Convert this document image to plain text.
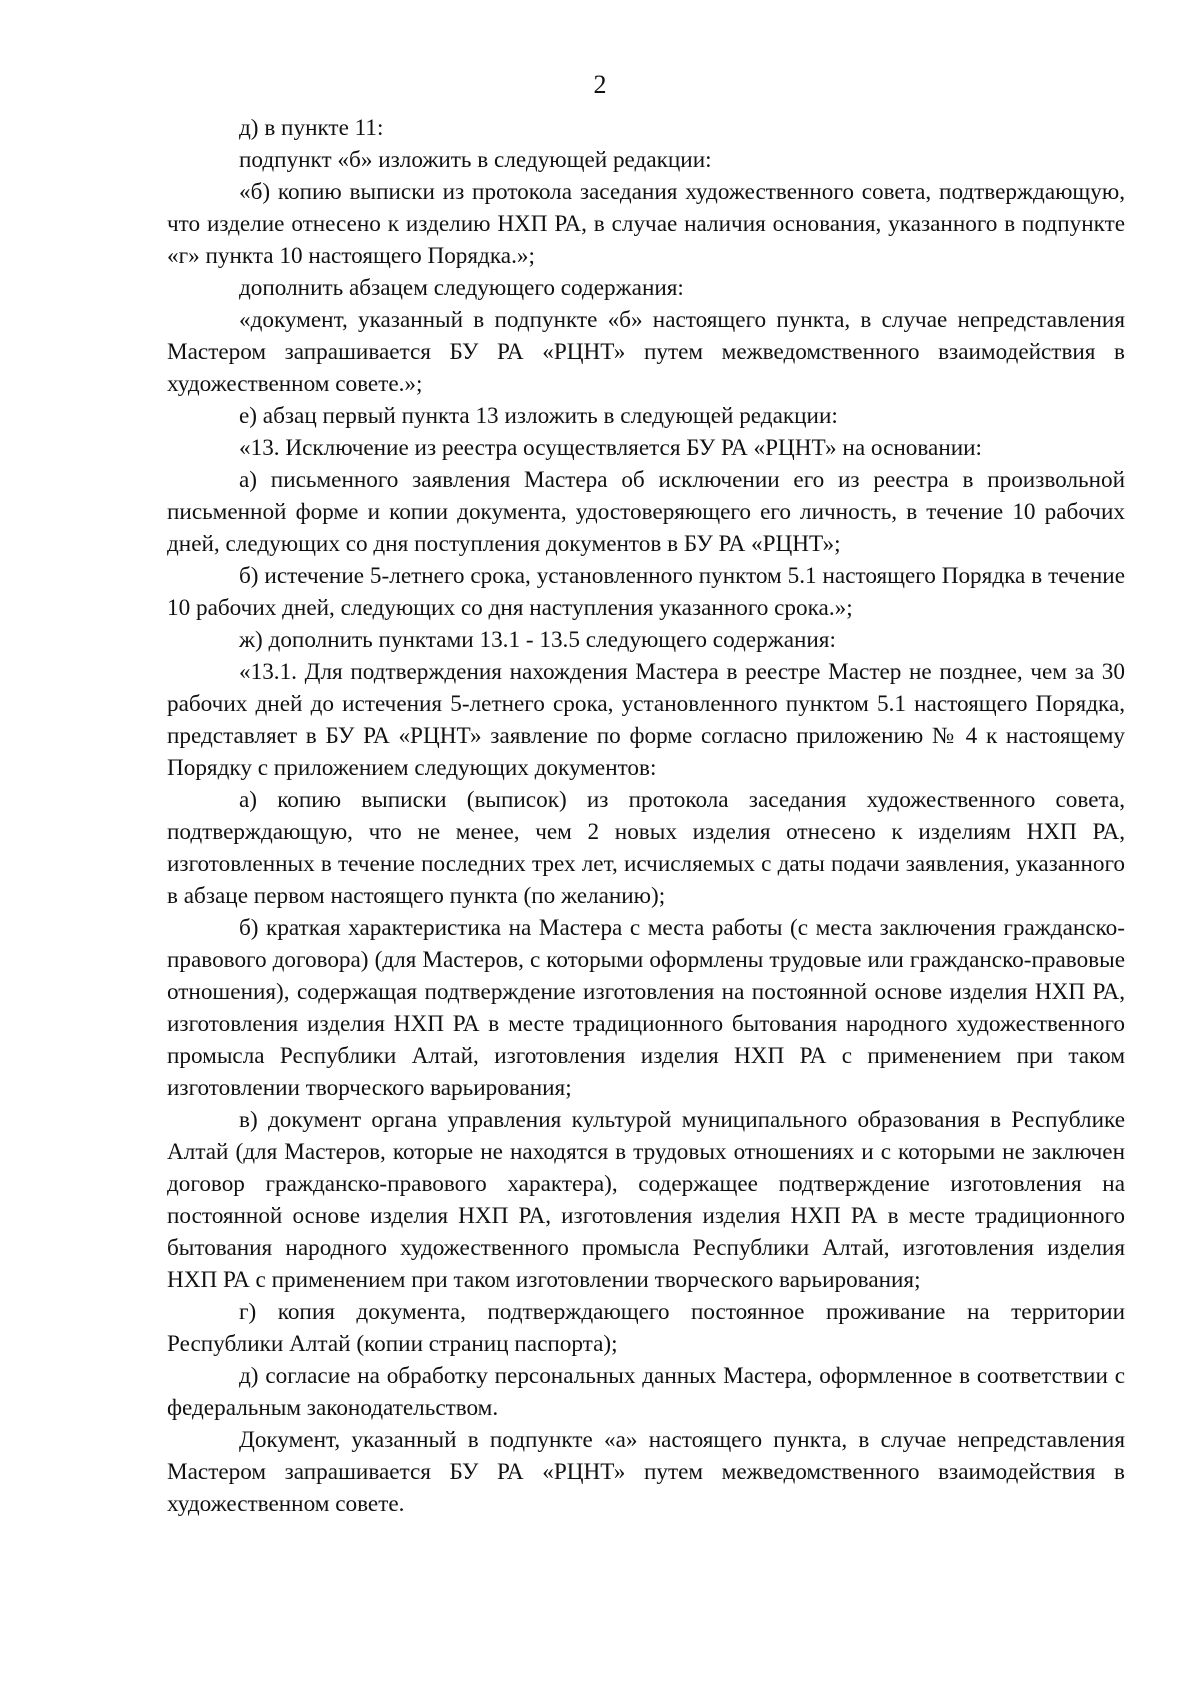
2

д) в пункте 11:

подпункт «б» изложить в следующей редакции:

«б) копию выписки из протокола заседания художественного совета, подтверждающую, что изделие отнесено к изделию НХП РА, в случае наличия основания, указанного в подпункте «г» пункта 10 настоящего Порядка.»;

дополнить абзацем следующего содержания:

«документ, указанный в подпункте «б» настоящего пункта, в случае непредставления Мастером запрашивается БУ РА «РЦНТ» путем межведомственного взаимодействия в художественном совете.»;

е) абзац первый пункта 13 изложить в следующей редакции:

«13. Исключение из реестра осуществляется БУ РА «РЦНТ» на основании:

а) письменного заявления Мастера об исключении его из реестра в произвольной письменной форме и копии документа, удостоверяющего его личность, в течение 10 рабочих дней, следующих со дня поступления документов в БУ РА «РЦНТ»;

б) истечение 5-летнего срока, установленного пунктом 5.1 настоящего Порядка в течение 10 рабочих дней, следующих со дня наступления указанного срока.»;

ж) дополнить пунктами 13.1 - 13.5 следующего содержания:

«13.1. Для подтверждения нахождения Мастера в реестре Мастер не позднее, чем за 30 рабочих дней до истечения 5-летнего срока, установленного пунктом 5.1 настоящего Порядка, представляет в БУ РА «РЦНТ» заявление по форме согласно приложению № 4 к настоящему Порядку с приложением следующих документов:

а) копию выписки (выписок) из протокола заседания художественного совета, подтверждающую, что не менее, чем 2 новых изделия отнесено к изделиям НХП РА, изготовленных в течение последних трех лет, исчисляемых с даты подачи заявления, указанного в абзаце первом настоящего пункта (по желанию);

б) краткая характеристика на Мастера с места работы (с места заключения гражданско-правового договора) (для Мастеров, с которыми оформлены трудовые или гражданско-правовые отношения), содержащая подтверждение изготовления на постоянной основе изделия НХП РА, изготовления изделия НХП РА в месте традиционного бытования народного художественного промысла Республики Алтай, изготовления изделия НХП РА с применением при таком изготовлении творческого варьирования;

в) документ органа управления культурой муниципального образования в Республике Алтай (для Мастеров, которые не находятся в трудовых отношениях и с которыми не заключен договор гражданско-правового характера), содержащее подтверждение изготовления на постоянной основе изделия НХП РА, изготовления изделия НХП РА в месте традиционного бытования народного художественного промысла Республики Алтай, изготовления изделия НХП РА с применением при таком изготовлении творческого варьирования;

г) копия документа, подтверждающего постоянное проживание на территории Республики Алтай (копии страниц паспорта);

д) согласие на обработку персональных данных Мастера, оформленное в соответствии с федеральным законодательством.

Документ, указанный в подпункте «а» настоящего пункта, в случае непредставления Мастером запрашивается БУ РА «РЦНТ» путем межведомственного взаимодействия в художественном совете.
